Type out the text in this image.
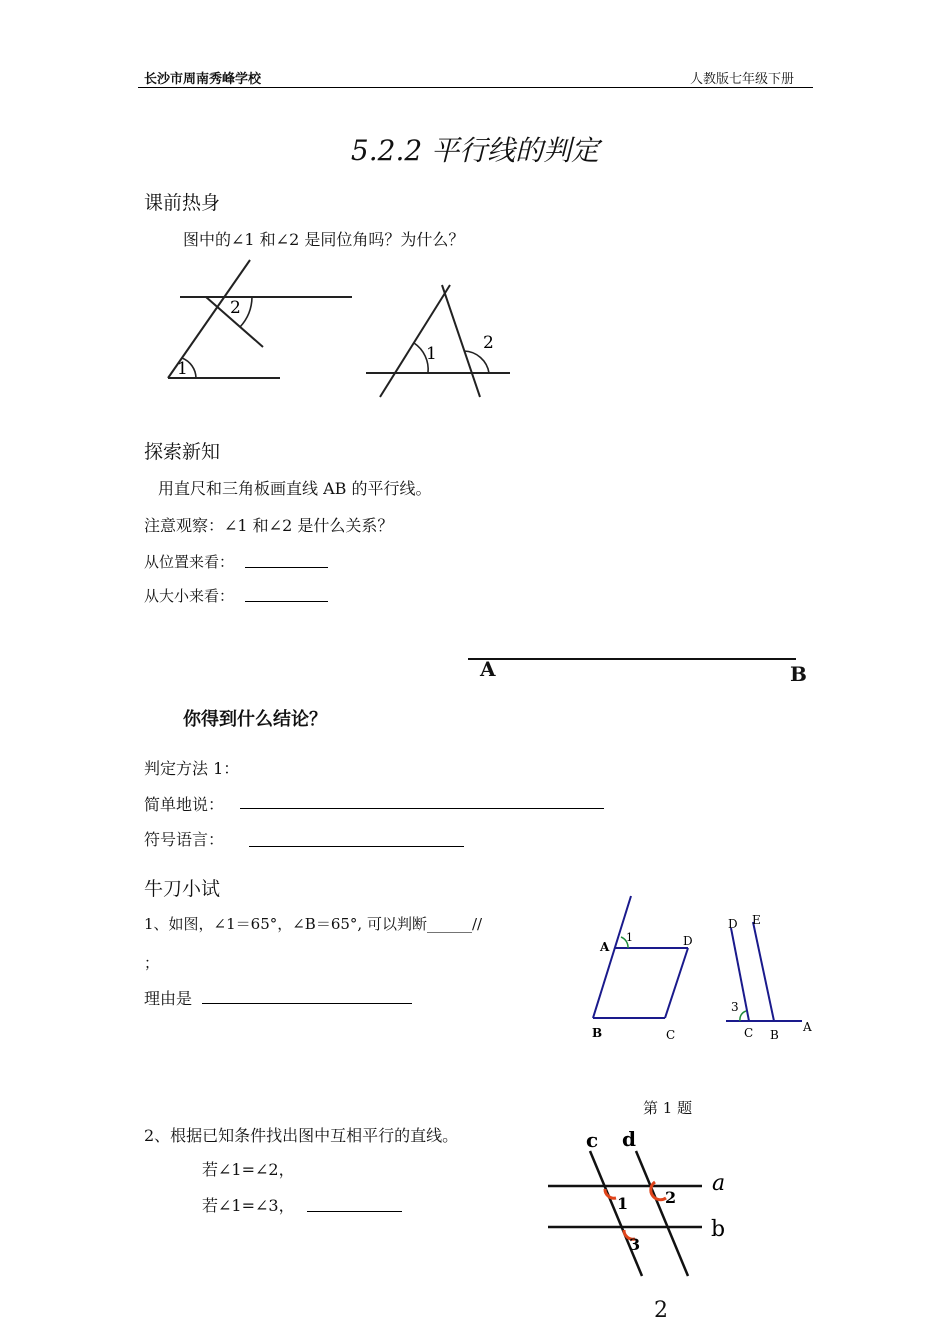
长沙市周南秀峰学校	人教版七年级下册
5.2.2 平行线的判定
课前热身
图中的∠1 和∠2 是同位角吗？为什么？
1
2
1
2
探索新知
用直尺和三角板画直线 AB 的平行线。
注意观察：∠1 和∠2 是什么关系？
从位置来看：
从大小来看：
A	B
你得到什么结论？
判定方法 1：
简单地说：
符号语言：
牛刀小试
1、如图，∠1＝65°，∠B＝65°, 可以判断______//
；
理由是
A
1	D
B	C
D E
3
C B
A
第 1 题
2、根据已知条件找出图中互相平行的直线。
若∠1=∠2，
若∠1=∠3，
c d
a
b
1 2
3
2
